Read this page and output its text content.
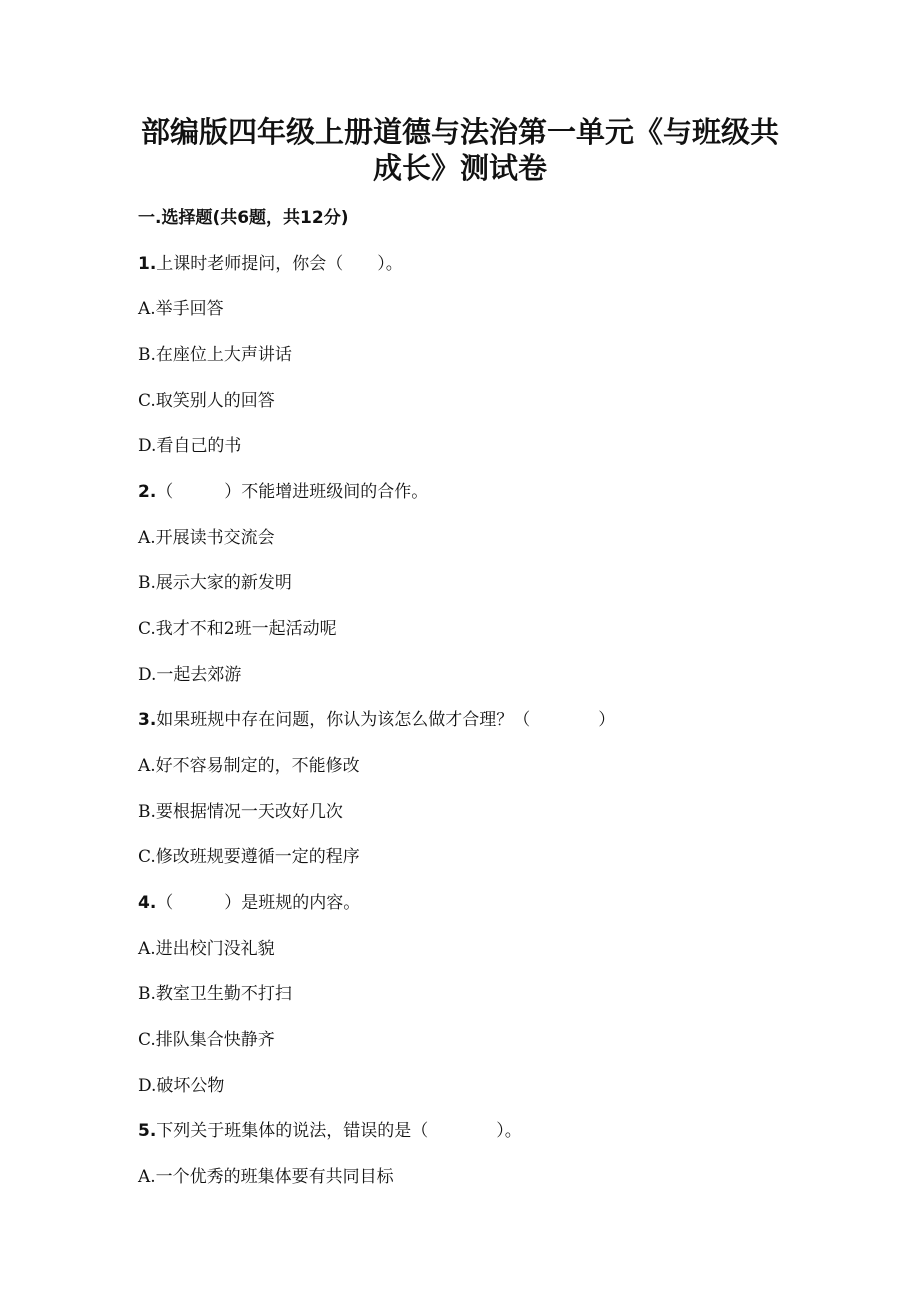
部编版四年级上册道德与法治第一单元《与班级共
成长》测试卷
一.选择题(共6题，共12分)
1.上课时老师提问，你会（　　）。
A.举手回答
B.在座位上大声讲话
C.取笑别人的回答
D.看自己的书
2.（　　　）不能增进班级间的合作。
A.开展读书交流会
B.展示大家的新发明
C.我才不和2班一起活动呢
D.一起去郊游
3.如果班规中存在问题，你认为该怎么做才合理？（　　　　）
A.好不容易制定的，不能修改
B.要根据情况一天改好几次
C.修改班规要遵循一定的程序
4.（　　　）是班规的内容。
A.进出校门没礼貌
B.教室卫生勤不打扫
C.排队集合快静齐
D.破坏公物
5.下列关于班集体的说法，错误的是（　　　　）。
A.一个优秀的班集体要有共同目标
